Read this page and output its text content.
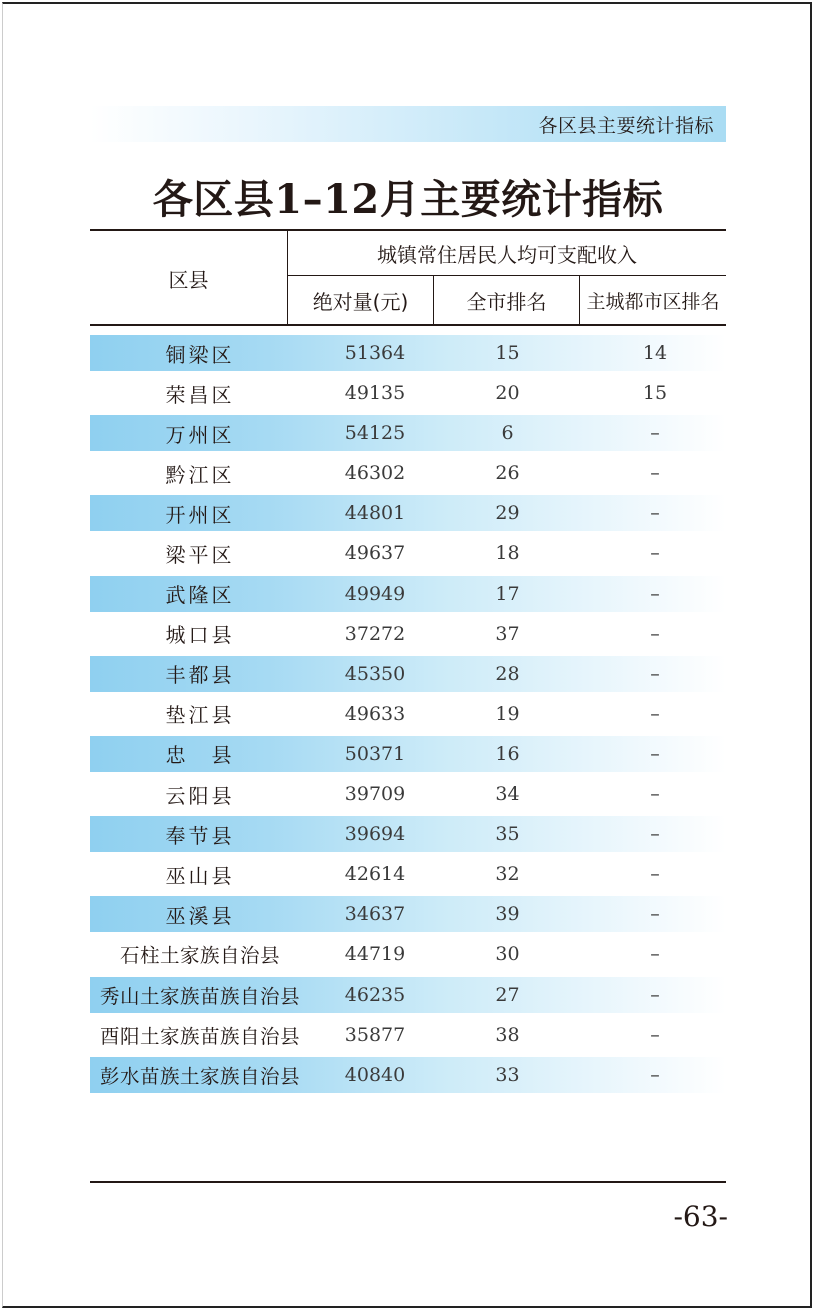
各区县主要统计指标
各区县1–12月主要统计指标
区县
城镇常住居民人均可支配收入
绝对量(元)	全市排名	主城都市区排名
铜梁区	51364	15	14
荣昌区	49135	20	15
万州区	54125	6	–
黔江区	46302	26	–
开州区	44801	29	–
梁平区	49637	18	–
武隆区	49949	17	–
城口县	37272	37	–
丰都县	45350	28	–
垫江县	49633	19	–
忠　县	50371	16	–
云阳县	39709	34	–
奉节县	39694	35	–
巫山县	42614	32	–
巫溪县	34637	39	–
石柱土家族自治县	44719	30	–
秀山土家族苗族自治县	46235	27	–
酉阳土家族苗族自治县	35877	38	–
彭水苗族土家族自治县	40840	33	–
-63-
